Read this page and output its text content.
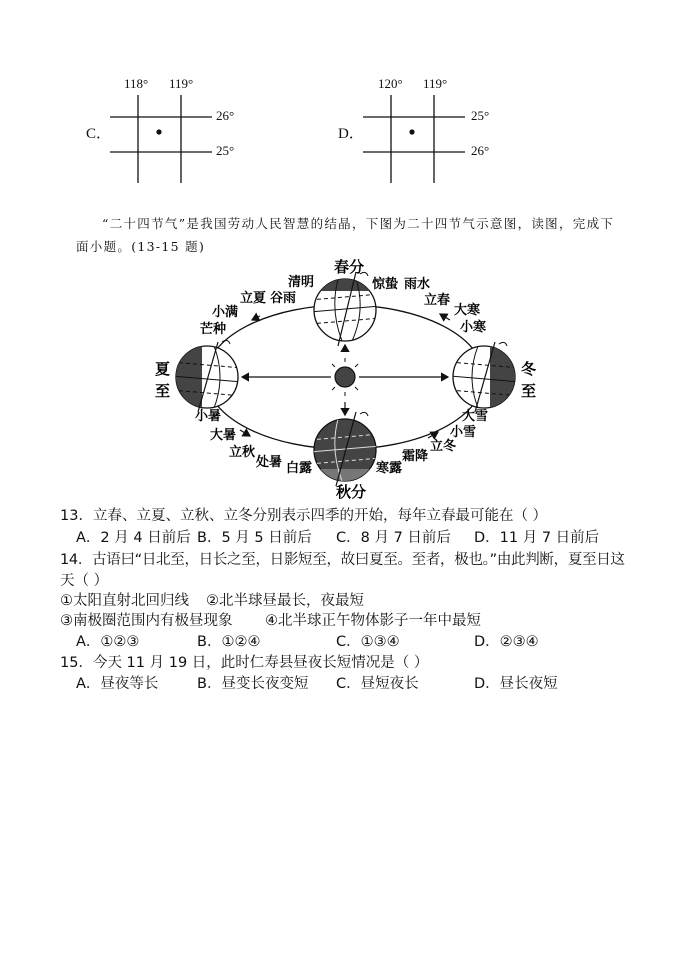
118° 119°
C．
26°
25°
120° 119°
D．
25°
26°
“二十四节气”是我国劳动人民智慧的结晶，下图为二十四节气示意图，读图，完成下
面小题。(13-15 题)
春分
秋分
夏
至
冬
至
清明	惊蛰 雨水
立春
大寒
小寒
立夏 谷雨
小满
芒种
小暑
大暑
立秋
处暑 白露	寒露
霜降
立冬
小雪
大雪
13．立春、立夏、立秋、立冬分别表示四季的开始，每年立春最可能在（ ）
A．2 月 4 日前后 B．5 月 5 日前后 C．8 月 7 日前后 D．11 月 7 日前后
14．古语曰“日北至，日长之至，日影短至，故曰夏至。至者，极也。”由此判断，夏至日这
天（ ）
①太阳直射北回归线 ②北半球昼最长，夜最短
③南极圈范围内有极昼现象 ④北半球正午物体影子一年中最短
A．①②③	B．①②④	C．①③④	D．②③④
15．今天 11 月 19 日，此时仁寿县昼夜长短情况是（ ）
A．昼夜等长	B．昼变长夜变短 C．昼短夜长	D．昼长夜短
